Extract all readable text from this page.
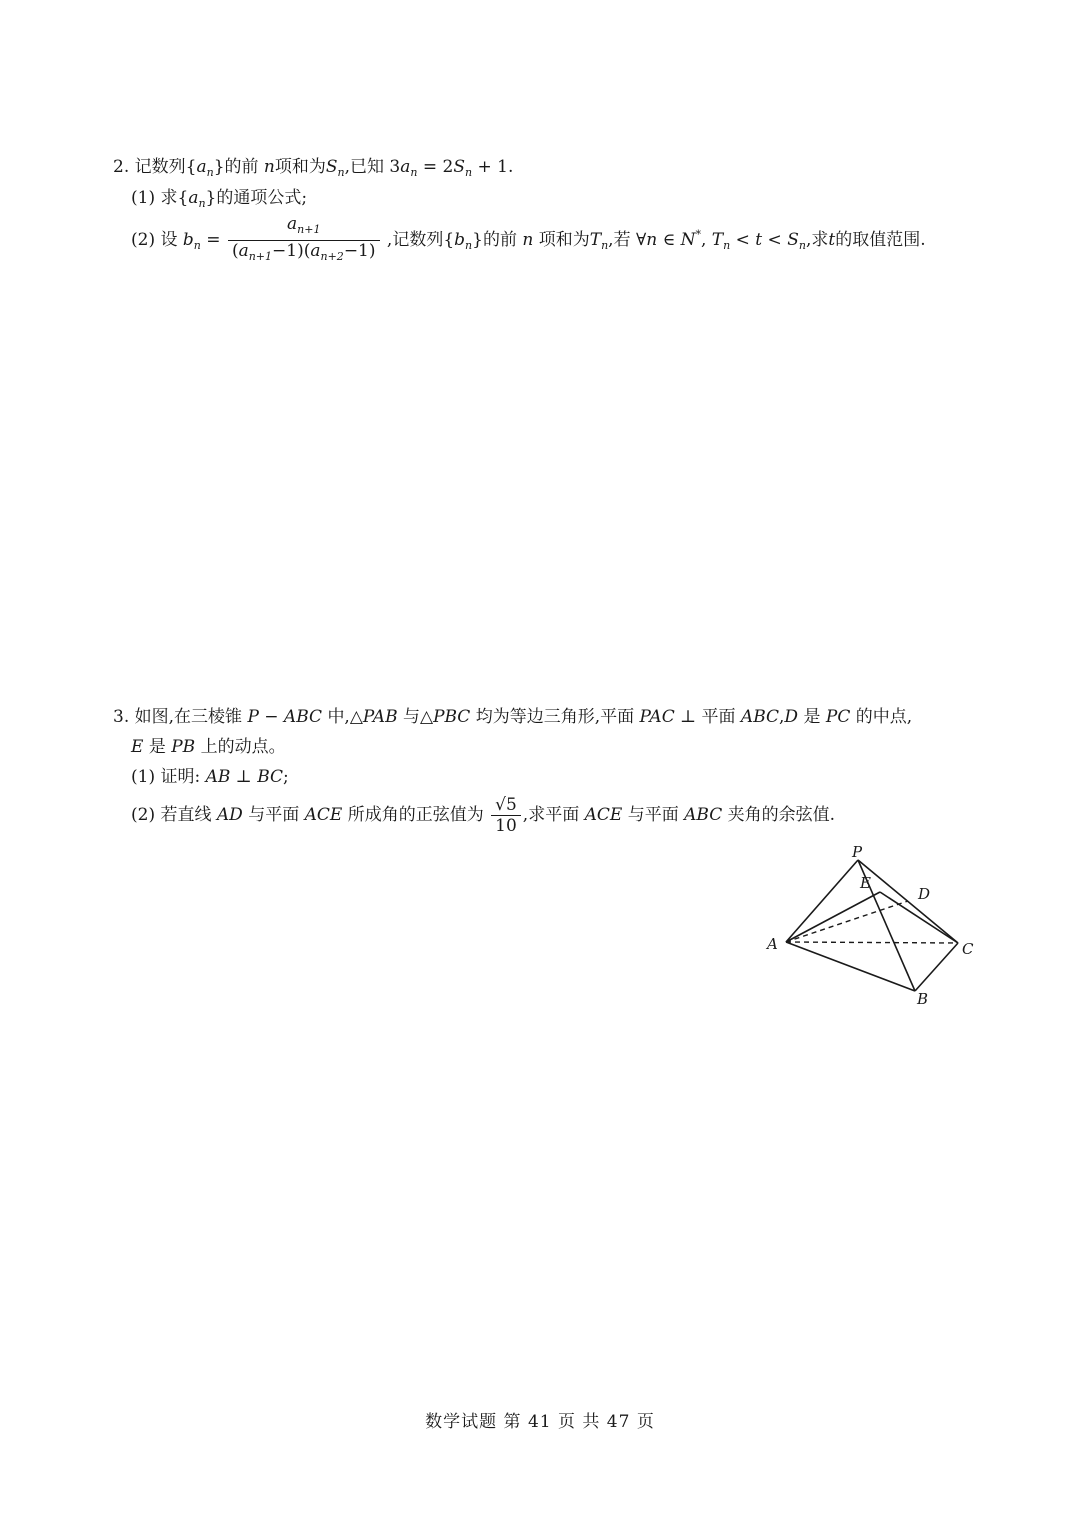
2. 记数列$\{a_n\}$的前 n项和为$S_n$,已知 $3a_n = 2S_n + 1$.
(1) 求$\{a_n\}$的通项公式;
(2) 设 $b_n = \frac{a_{n+1}}{(a_{n+1}-1)(a_{n+2}-1)}$ ,记数列$\{b_n\}$的前 n 项和为$T_n$,若 ∀n ∈ N*, $T_n < t < S_n$,求t的取值范围.
3. 如图,在三棱锥 P − ABC 中,△PAB 与△PBC 均为等边三角形,平面 PAC ⊥ 平面 ABC,D 是 PC 的中点,
E 是 PB 上的动点。
(1) 证明: AB ⊥ BC;
(2) 若直线 AD 与平面 ACE 所成角的正弦值为 $\frac{√5}{10}$ ,求平面 ACE 与平面 ABC 夹角的余弦值.
P
E
D
A	C
B
数学试题 第 41 页 共 47 页
